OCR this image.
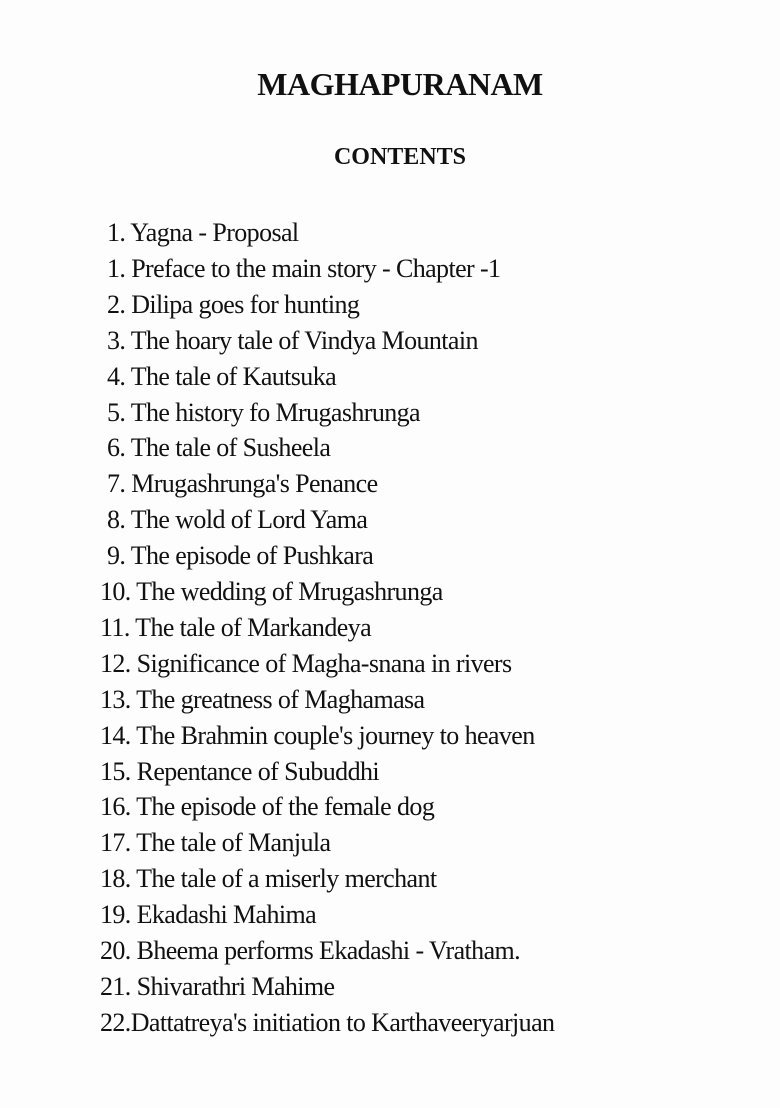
MAGHAPURANAM
CONTENTS
1. Yagna - Proposal
1. Preface to the main story - Chapter -1
2. Dilipa goes for hunting
3. The hoary tale of Vindya Mountain
4. The tale of Kautsuka
5. The history fo Mrugashrunga
6. The tale of Susheela
7. Mrugashrunga's Penance
8. The wold of Lord Yama
9. The episode of Pushkara
10. The wedding of Mrugashrunga
11. The tale of Markandeya
12. Significance of Magha-snana in rivers
13. The greatness of Maghamasa
14. The Brahmin couple's journey to heaven
15. Repentance of Subuddhi
16. The episode of the female dog
17. The tale of Manjula
18. The tale of a miserly merchant
19. Ekadashi Mahima
20. Bheema performs Ekadashi - Vratham.
21. Shivarathri Mahime
22.Dattatreya's initiation to Karthaveeryarjuan
